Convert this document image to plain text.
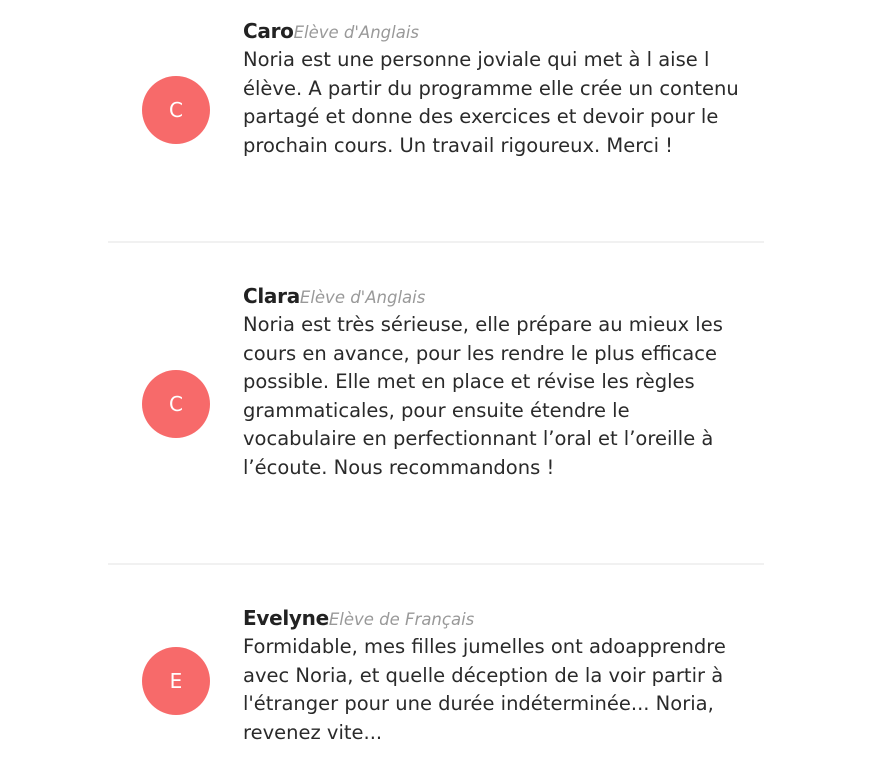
C
CaroElève d'Anglais

Noria est une personne joviale qui met à l aise l élève. A partir du programme elle crée un contenu partagé et donne des exercices et devoir pour le prochain cours. Un travail rigoureux. Merci !

C
ClaraElève d'Anglais

Noria est très sérieuse, elle prépare au mieux les cours en avance, pour les rendre le plus efficace possible. Elle met en place et révise les règles grammaticales, pour ensuite étendre le vocabulaire en perfectionnant l’oral et l’oreille à l’écoute. Nous recommandons !

E
EvelyneElève de Français

Formidable, mes filles jumelles ont adoapprendre avec Noria, et quelle déception de la voir partir à l'étranger pour une durée indéterminée... Noria, revenez vite...
